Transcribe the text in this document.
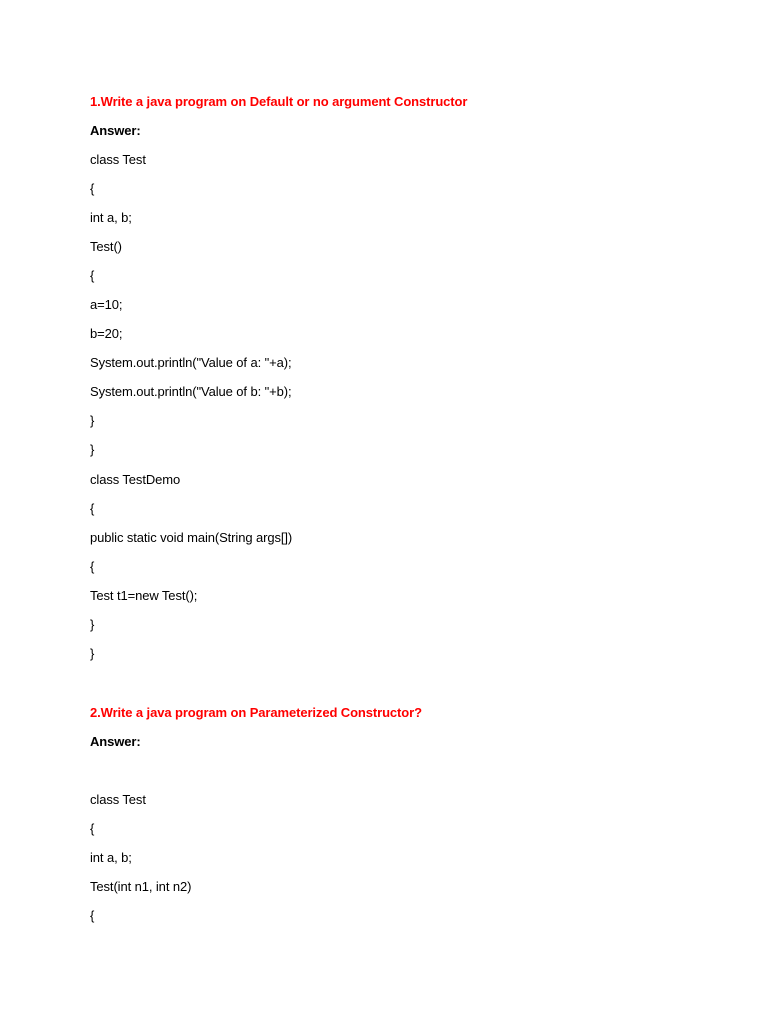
1.Write a java program on Default or no argument Constructor
Answer:
class Test
{
int a, b;
Test()
{
a=10;
b=20;
System.out.println("Value of a: "+a);
System.out.println("Value of b: "+b);
}
}
class TestDemo
{
public static void main(String args[])
{
Test t1=new Test();
}
}
2.Write a java program on Parameterized Constructor?
Answer:
class Test
{
int a, b;
Test(int n1, int n2)
{
